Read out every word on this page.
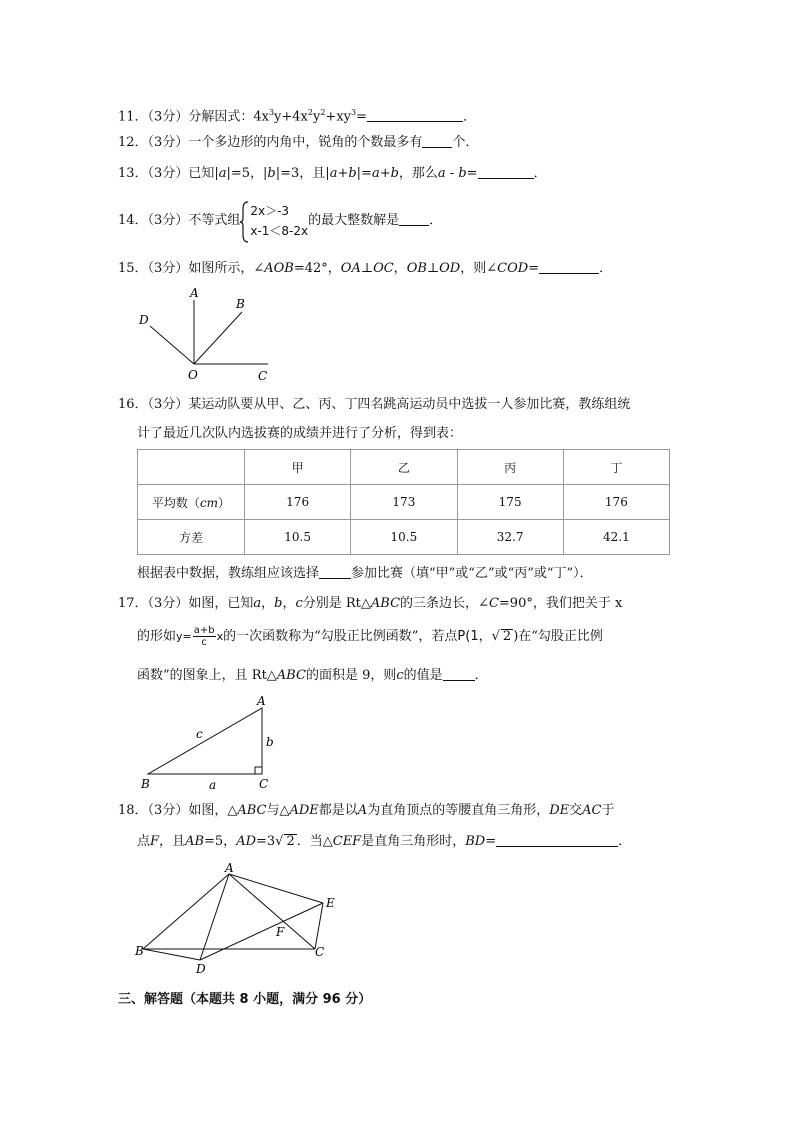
11．（3分）分解因式：$4x^3y+4x^2y^2+xy^3=$	．
12．（3分）一个多边形的内角中，锐角的个数最多有 个．
13．（3分）已知|a|=5，|b|=3，且|a+b|=a+b，那么a - b=	．
14．（3分）不等式组
2x＞-3
x-1＜8-2x
的最大整数解是 ．
15．（3分）如图所示，∠AOB=42°，OA⊥OC，OB⊥OD，则∠COD=	．
A
B
C
D
O
16．（3分）某运动队要从甲、乙、丙、丁四名跳高运动员中选拔一人参加比赛，教练组统
计了最近几次队内选拔赛的成绩并进行了分析，得到表：
	甲	乙	丙	丁
平均数（cm）	176	173	175	176
方差	10.5	10.5	32.7	42.1
根据表中数据，教练组应该选择 参加比赛（填“甲”或“乙”或“丙”或“丁”）．
17．（3分）如图，已知a，b，c分别是 Rt△ABC的三条边长，∠C=90°，我们把关于 x
的形如$y= \frac{a+b}{c}$ x的一次函数称为“勾股正比例函数”，若点P(1，√ 2 )在“勾股正比例
函数”的图象上，且 Rt△ABC的面积是 9，则c的值是 ．
A
B	C
a
b
c
18．（3分）如图，△ABC与△ADE都是以A为直角顶点的等腰直角三角形，DE交AC于
点F，且AB=5，AD=3√ 2 ．当△CEF是直角三角形时，BD=	．
A
B	C
D
E
F
三、解答题（本题共 8 小题，满分 96 分）
